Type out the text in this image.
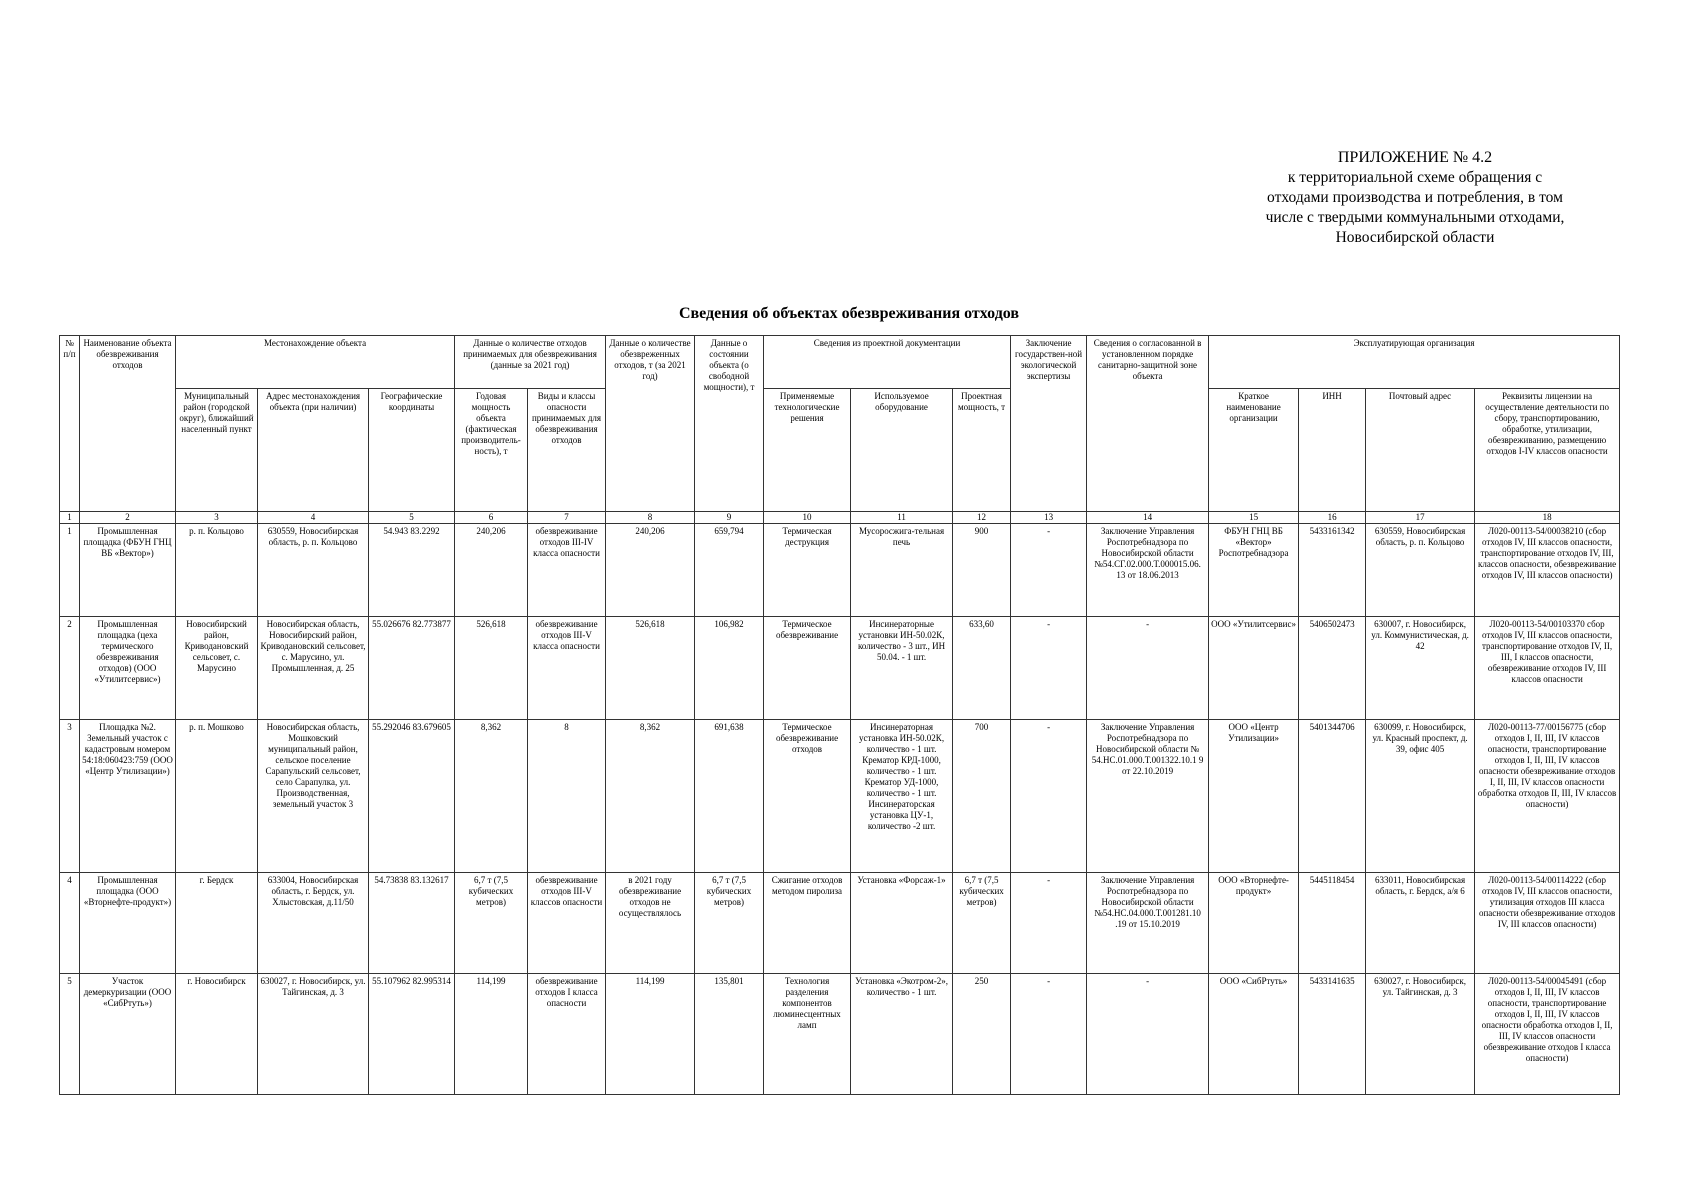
ПРИЛОЖЕНИЕ № 4.2
к территориальной схеме обращения с
отходами производства и потребления, в том
числе с твердыми коммунальными отходами,
Новосибирской области
Сведения об объектах обезвреживания отходов
№ п/п	Наименование объекта обезвреживания отходов	Местонахождение объекта			Данные о количестве отходов принимаемых для обезвреживания (данные за 2021 год)		Данные о количестве обезвреженных отходов, т (за 2021 год)	Данные о состоянии объекта (о свободной мощности), т	Сведения из проектной документации			Заключение государствен-ной экологической экспертизы	Сведения о согласованной в установленном порядке санитарно-защитной зоне объекта	Эксплуатирующая организация			
		Муниципальный район (городской округ), ближайший населенный пункт	Адрес местонахождения объекта (при наличии)	Географические координаты	Годовая мощность объекта (фактическая производитель-ность), т	Виды и классы опасности принимаемых для обезвреживания отходов			Применяемые технологические решения	Используемое оборудование	Проектная мощность, т			Краткое наименование организации	ИНН	Почтовый адрес	Реквизиты лицензии на осуществление деятельности по сбору, транспортированию, обработке, утилизации, обезвреживанию, размещению отходов I-IV классов опасности
1	2	3	4	5	6	7	8	9	10	11	12	13	14	15	16	17	18
1	Промышленная площадка (ФБУН ГНЦ ВБ «Вектор»)	р. п. Кольцово	630559, Новосибирская область, р. п. Кольцово	54.943 83.2292	240,206	обезвреживание отходов III-IV класса опасности	240,206	659,794	Термическая деструкция	Мусоросжига-тельная печь	900	-	Заключение Управления Роспотребнадзора по Новосибирской области №54.СГ.02.000.Т.000015.06. 13 от 18.06.2013	ФБУН ГНЦ ВБ «Вектор» Роспотребнадзора	5433161342	630559, Новосибирская область, р. п. Кольцово	Л020-00113-54/00038210 (сбор отходов IV, III классов опасности, транспортирование отходов IV, III, классов опасности, обезвреживание отходов IV, III классов опасности)
2	Промышленная площадка (цеха термического обезвреживания отходов) (ООО «Утилитсервис»)	Новосибирский район, Криводановский сельсовет, с. Марусино	Новосибирская область, Новосибирский район, Криводановский сельсовет, с. Марусино, ул. Промышленная, д. 25	55.026676 82.773877	526,618	обезвреживание отходов III-V класса опасности	526,618	106,982	Термическое обезвреживание	Инсинераторные установки ИН-50.02К, количество - 3 шт., ИН 50.04. - 1 шт.	633,60	-	-	ООО «Утилитсервис»	5406502473	630007, г. Новосибирск, ул. Коммунистическая, д. 42	Л020-00113-54/00103370 сбор отходов IV, III классов опасности, транспортирование отходов IV, II, III, I классов опасности, обезвреживание отходов IV, III классов опасности
3	Площадка №2. Земельный участок с кадастровым номером 54:18:060423:759 (ООО «Центр Утилизации»)	р. п. Мошково	Новосибирская область, Мошковский муниципальный район, сельское поселение Сарапульский сельсовет, село Сарапулка, ул. Производственная, земельный участок 3	55.292046 83.679605	8,362	8	8,362	691,638	Термическое обезвреживание отходов	Инсинераторная установка ИН-50.02К, количество - 1 шт. Крематор КРД-1000, количество - 1 шт. Крематор УД-1000, количество - 1 шт. Инсинераторская установка ЦУ-1, количество -2 шт.	700	-	Заключение Управления Роспотребнадзора по Новосибирской области № 54.НС.01.000.Т.001322.10.1 9 от 22.10.2019	ООО «Центр Утилизации»	5401344706	630099, г. Новосибирск, ул. Красный проспект, д. 39, офис 405	Л020-00113-77/00156775 (сбор отходов I, II, III, IV классов опасности, транспортирование отходов I, II, III, IV классов опасности обезвреживание отходов I, II, III, IV классов опасности обработка отходов II, III, IV классов опасности)
4	Промышленная площадка (ООО «Вторнефте-продукт»)	г. Бердск	633004, Новосибирская область, г. Бердск, ул. Хлыстовская, д.11/50	54.73838 83.132617	6,7 т (7,5 кубических метров)	обезвреживание отходов III-V классов опасности	в 2021 году обезвреживание отходов не осуществлялось	6,7 т (7,5 кубических метров)	Сжигание отходов методом пиролиза	Установка «Форсаж-1»	6,7 т (7,5 кубических метров)	-	Заключение Управления Роспотребнадзора по Новосибирской области №54.НС.04.000.Т.001281.10 .19 от 15.10.2019	ООО «Вторнефте-продукт»	5445118454	633011, Новосибирская область, г. Бердск, а/я 6	Л020-00113-54/00114222 (сбор отходов IV, III классов опасности, утилизация отходов III класса опасности обезвреживание отходов IV, III классов опасности)
5	Участок демеркуризации (ООО «СибРтуть»)	г. Новосибирск	630027, г. Новосибирск, ул. Тайгинская, д. 3	55.107962 82.995314	114,199	обезвреживание отходов I класса опасности	114,199	135,801	Технология разделения компонентов люминесцентных ламп	Установка «Экотром-2», количество - 1 шт.	250	-	-	ООО «СибРтуть»	5433141635	630027, г. Новосибирск, ул. Тайгинская, д. 3	Л020-00113-54/00045491 (сбор отходов I, II, III, IV классов опасности, транспортирование отходов I, II, III, IV классов опасности обработка отходов I, II, III, IV классов опасности обезвреживание отходов I класса опасности)
